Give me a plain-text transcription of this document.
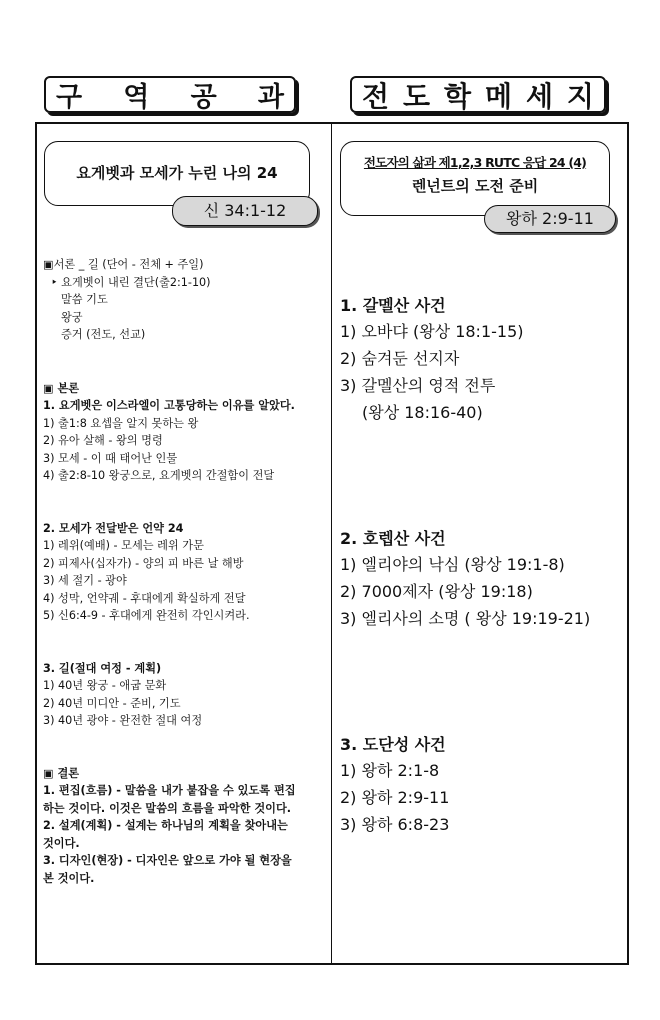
구 역 공 과	전 도 학 메 세 지
요게벳과 모세가 누린 나의 24
신 34:1-12
▣서론 _ 길 (단어 - 전체 + 주일)
‣ 요게벳이 내린 결단(출2:1-10)
말씀 기도
왕궁
증거 (전도, 선교)
▣ 본론
1. 요게벳은 이스라엘이 고통당하는 이유를 알았다.
1) 출1:8 요셉을 알지 못하는 왕
2) 유아 살해 - 왕의 명령
3) 모세 - 이 때 태어난 인물
4) 출2:8-10 왕궁으로, 요게벳의 간절함이 전달
2. 모세가 전달받은 언약 24
1) 레위(예배) - 모세는 레위 가문
2) 피제사(십자가) - 양의 피 바른 날 해방
3) 세 절기 - 광야
4) 성막, 언약궤 - 후대에게 확실하게 전달
5) 신6:4-9 - 후대에게 완전히 각인시켜라.
3. 길(절대 여정 - 계획)
1) 40년 왕궁 - 애굽 문화
2) 40년 미디안 - 준비, 기도
3) 40년 광야 - 완전한 절대 여정
▣ 결론
1. 편집(흐름) - 말씀을 내가 붙잡을 수 있도록 편집
하는 것이다. 이것은 말씀의 흐름을 파악한 것이다.
2. 설계(계획) - 설계는 하나님의 계획을 찾아내는
것이다.
3. 디자인(현장) - 디자인은 앞으로 가야 될 현장을
본 것이다.
전도자의 삶과 제1,2,3 RUTC 응답 24 (4)
렌넌트의 도전 준비
왕하 2:9-11
1. 갈멜산 사건
1) 오바댜 (왕상 18:1-15)
2) 숨겨둔 선지자
3) 갈멜산의 영적 전투
(왕상 18:16-40)
2. 호렙산 사건
1) 엘리야의 낙심 (왕상 19:1-8)
2) 7000제자 (왕상 19:18)
3) 엘리사의 소명 ( 왕상 19:19-21)
3. 도단성 사건
1) 왕하 2:1-8
2) 왕하 2:9-11
3) 왕하 6:8-23
